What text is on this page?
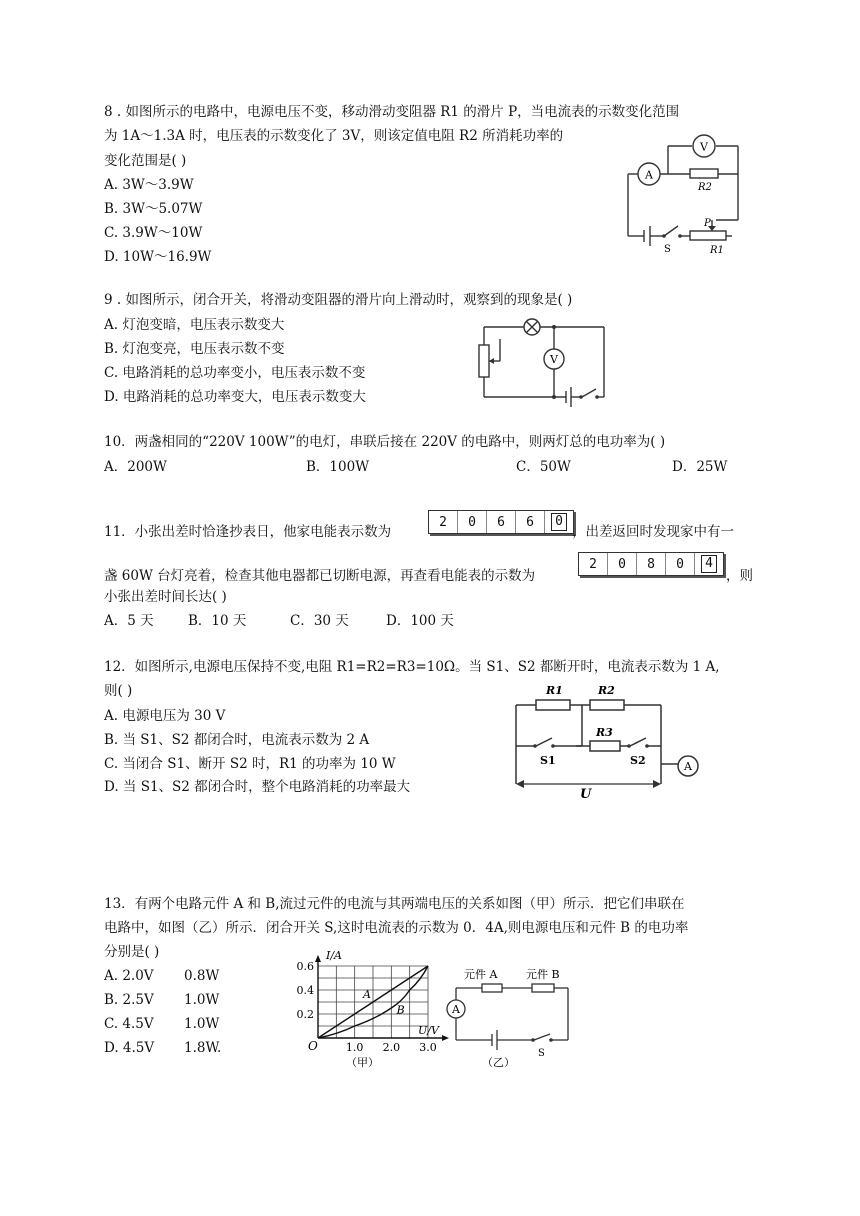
8 . 如图所示的电路中，电源电压不变，移动滑动变阻器 R1 的滑片 P，当电流表的示数变化范围
为 1A～1.3A 时，电压表的示数变化了 3V，则该定值电阻 R2 所消耗功率的
变化范围是( )
A. 3W～3.9W
B. 3W～5.07W
C. 3.9W～10W
D. 10W～16.9W
A
V
R2
P
R1
S
9 . 如图所示，闭合开关，将滑动变阻器的滑片向上滑动时，观察到的现象是( )
A. 灯泡变暗，电压表示数变大
B. 灯泡变亮，电压表示数不变
C. 电路消耗的总功率变小，电压表示数不变
D. 电路消耗的总功率变大，电压表示数变大
V
10．两盏相同的“220V 100W”的电灯，串联后接在 220V 的电路中，则两灯总的电功率为( )
A．200W	B．100W	C．50W	D．25W
11．小张出差时恰逢抄表日，他家电能表示数为
2	0	6	6	0
，出差返回时发现家中有一
盏 60W 台灯亮着，检查其他电器都已切断电源，再查看电能表的示数为
2	0	8	0	4
，则
小张出差时间长达( )
A．5 天	B．10 天	C．30 天	D．100 天
12．如图所示,电源电压保持不变,电阻 R1=R2=R3=10Ω。当 S1、S2 都断开时，电流表示数为 1 A,
则( )
A. 电源电压为 30 V
B. 当 S1、S2 都闭合时，电流表示数为 2 A
C. 当闭合 S1、断开 S2 时，R1 的功率为 10 W
D. 当 S1、S2 都闭合时，整个电路消耗的功率最大
R1	R2
R3
S1	S2	A
U
13．有两个电路元件 A 和 B,流过元件的电流与其两端电压的关系如图（甲）所示．把它们串联在
电路中，如图（乙）所示．闭合开关 S,这时电流表的示数为 0．4A,则电源电压和元件 B 的电功率
分别是( )
A. 2.0V	0.8W
B. 2.5V	1.0W
C. 4.5V	1.0W
D. 4.5V	1.8W.
A
B
1.0 2.0 3.0
0.2
0.4
0.6
I/A
U/V
O
（甲）
元件 A	元件 B
A
S
（乙）
